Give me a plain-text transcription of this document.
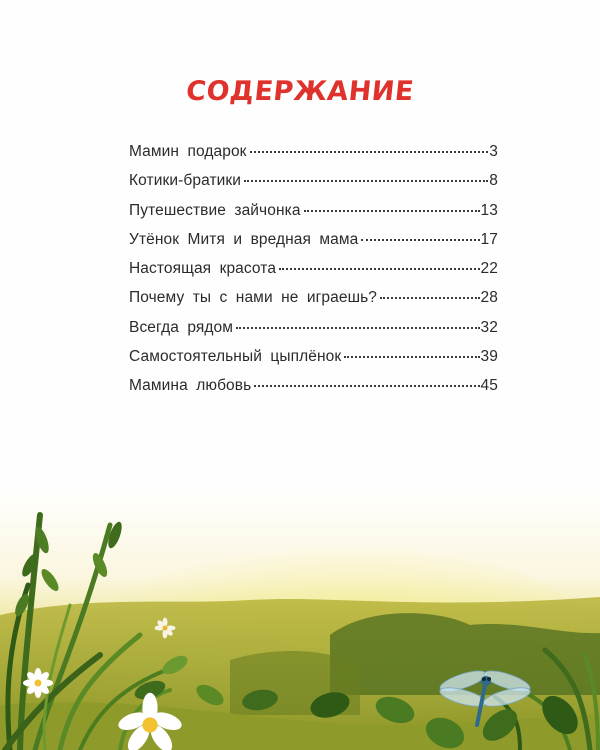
СОДЕРЖАНИЕ
Мамин подарок	3
Котики-братики	8
Путешествие зайчонка	13
Утёнок Митя и вредная мама	17
Настоящая красота	22
Почему ты с нами не играешь?	28
Всегда рядом	32
Самостоятельный цыплёнок	39
Мамина любовь	45
